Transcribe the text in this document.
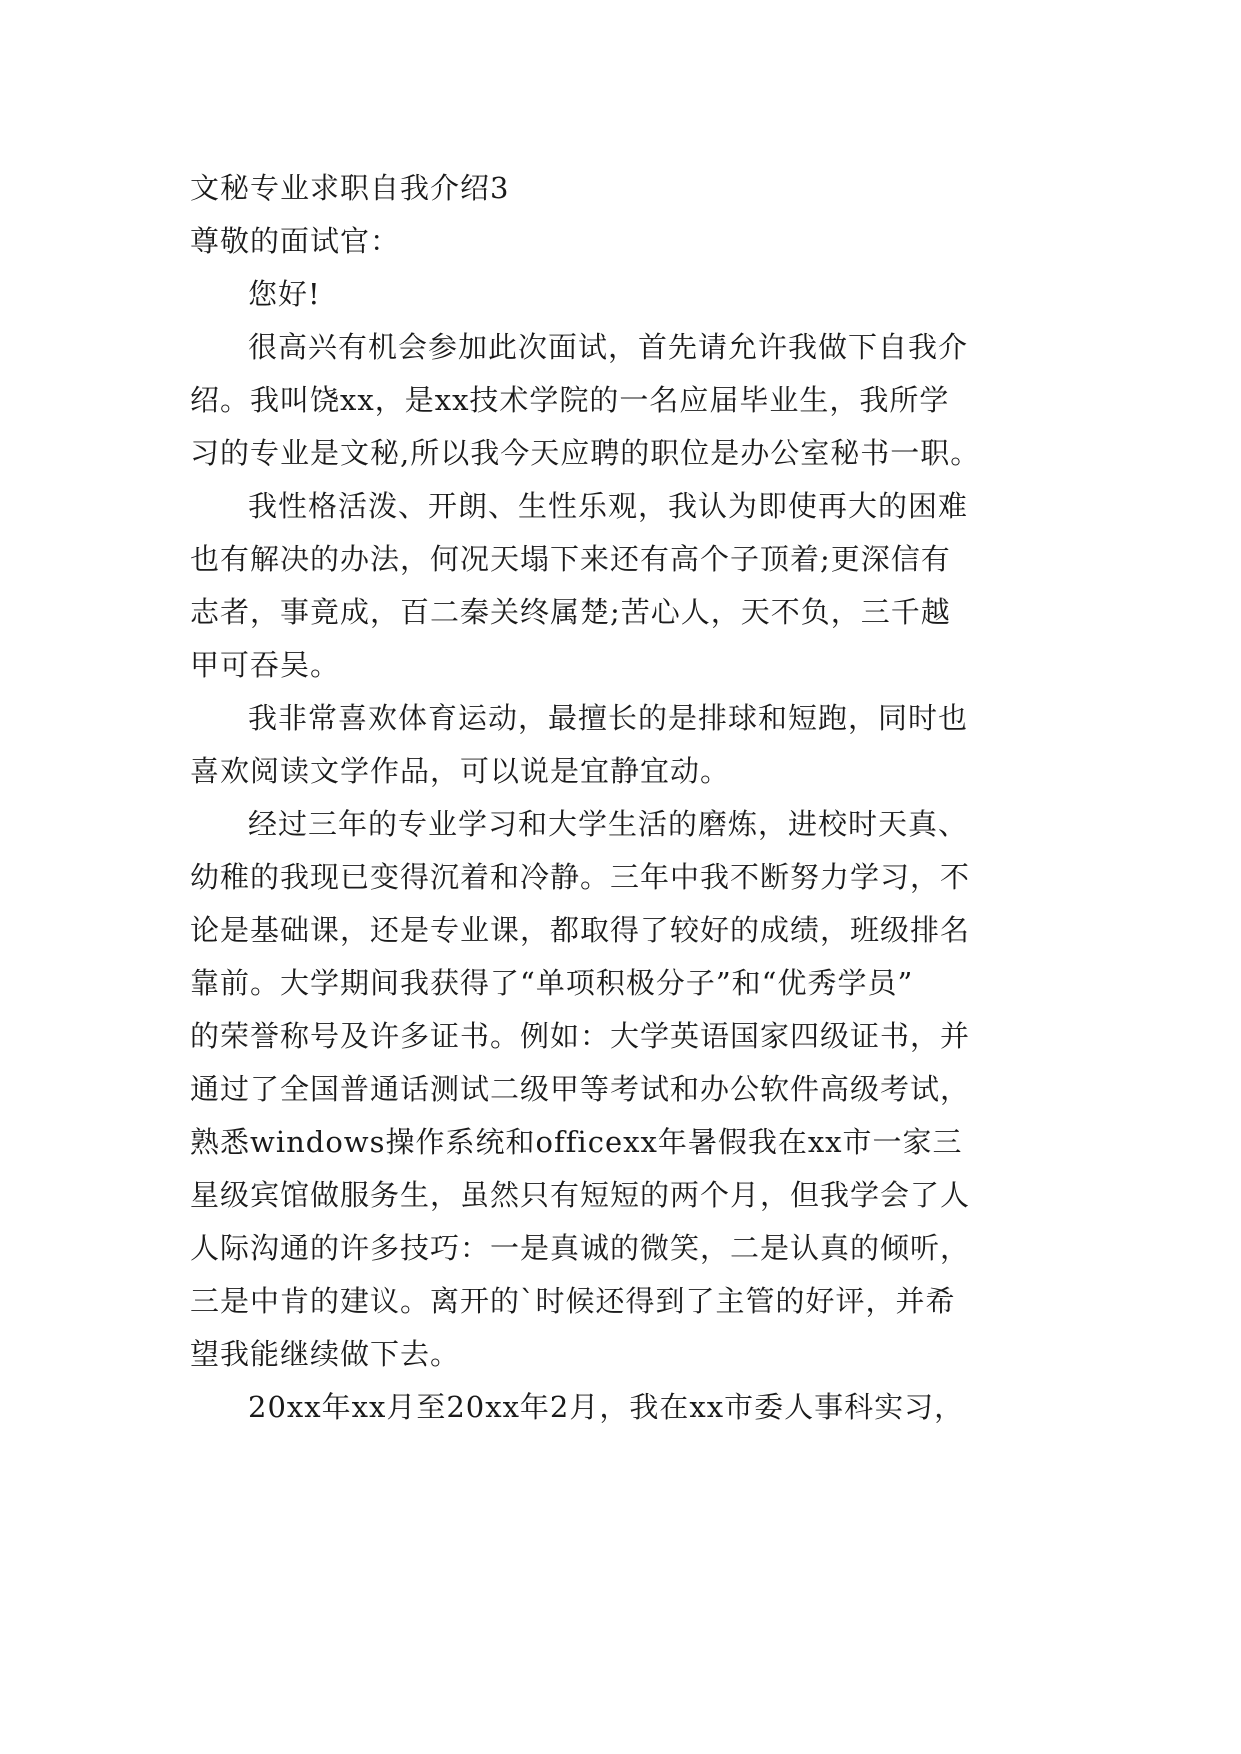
文秘专业求职自我介绍3
尊敬的面试官：
您好!
很高兴有机会参加此次面试，首先请允许我做下自我介
绍。我叫饶xx，是xx技术学院的一名应届毕业生，我所学
习的专业是文秘,所以我今天应聘的职位是办公室秘书一职。
我性格活泼、开朗、生性乐观，我认为即使再大的困难
也有解决的办法，何况天塌下来还有高个子顶着;更深信有
志者，事竟成，百二秦关终属楚;苦心人，天不负，三千越
甲可吞吴。
我非常喜欢体育运动，最擅长的是排球和短跑，同时也
喜欢阅读文学作品，可以说是宜静宜动。
经过三年的专业学习和大学生活的磨炼，进校时天真、
幼稚的我现已变得沉着和冷静。三年中我不断努力学习，不
论是基础课，还是专业课，都取得了较好的成绩，班级排名
靠前。大学期间我获得了“单项积极分子”和“优秀学员”
的荣誉称号及许多证书。例如：大学英语国家四级证书，并
通过了全国普通话测试二级甲等考试和办公软件高级考试，
熟悉windows操作系统和officexx年暑假我在xx市一家三
星级宾馆做服务生，虽然只有短短的两个月，但我学会了人
人际沟通的许多技巧：一是真诚的微笑，二是认真的倾听，
三是中肯的建议。离开的`时候还得到了主管的好评，并希
望我能继续做下去。
20xx年xx月至20xx年2月，我在xx市委人事科实习，
